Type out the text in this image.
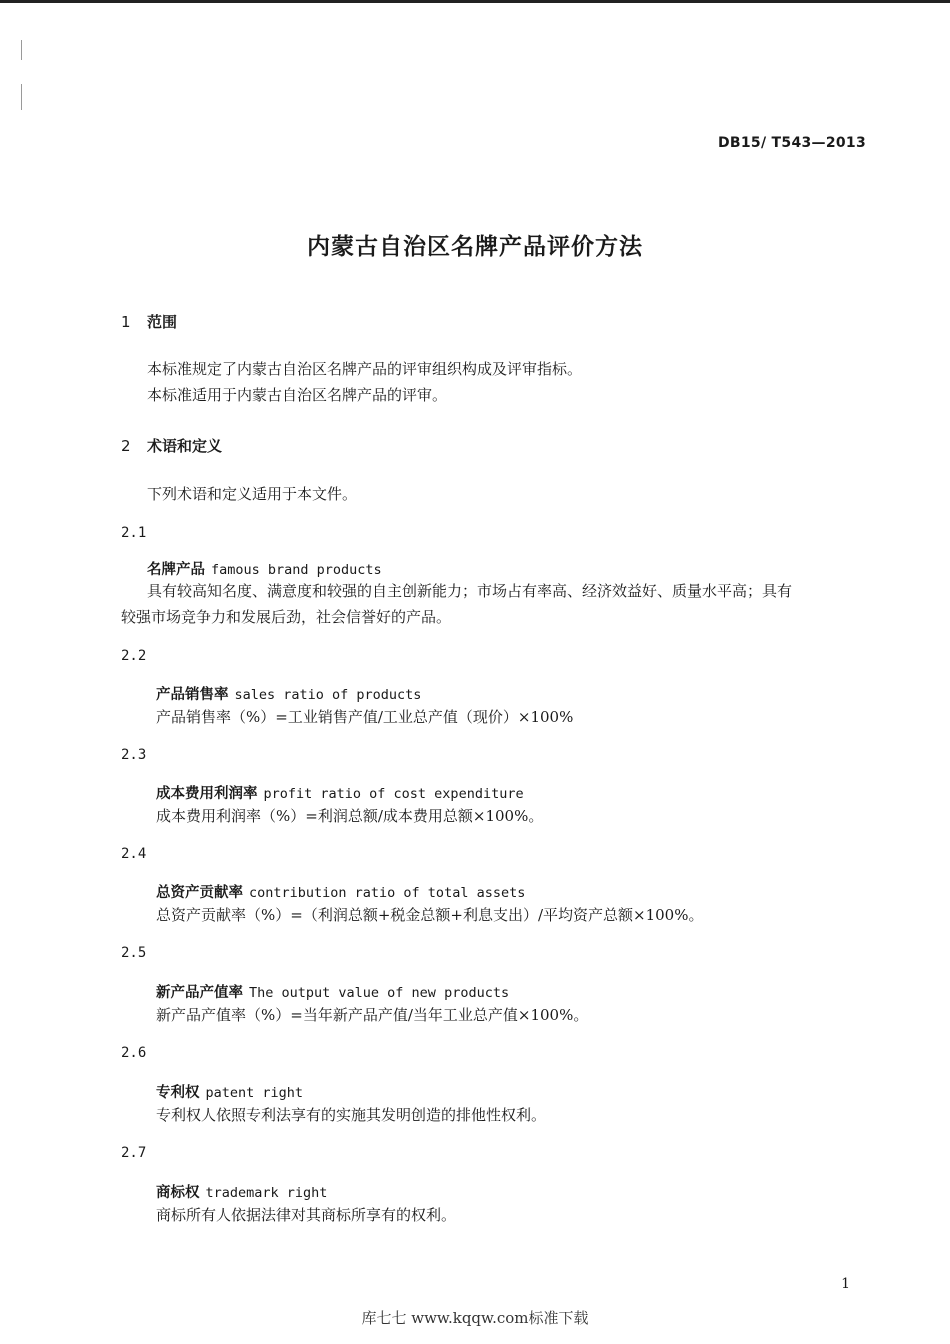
DB15/ T543—2013
内蒙古自治区名牌产品评价方法
1 范围
本标准规定了内蒙古自治区名牌产品的评审组织构成及评审指标。
本标准适用于内蒙古自治区名牌产品的评审。
2 术语和定义
下列术语和定义适用于本文件。
2.1
名牌产品 famous brand products
具有较高知名度、满意度和较强的自主创新能力；市场占有率高、经济效益好、质量水平高；具有
较强市场竞争力和发展后劲，社会信誉好的产品。
2.2
产品销售率 sales ratio of products
产品销售率（%）=工业销售产值/工业总产值（现价）×100%
2.3
成本费用利润率 profit ratio of cost expenditure
成本费用利润率（%）=利润总额/成本费用总额×100%。
2.4
总资产贡献率 contribution ratio of total assets
总资产贡献率（%）=（利润总额+税金总额+利息支出）/平均资产总额×100%。
2.5
新产品产值率 The output value of new products
新产品产值率（%）=当年新产品产值/当年工业总产值×100%。
2.6
专利权 patent right
专利权人依照专利法享有的实施其发明创造的排他性权利。
2.7
商标权 trademark right
商标所有人依据法律对其商标所享有的权利。
1
库七七 www.kqqw.com标准下载
